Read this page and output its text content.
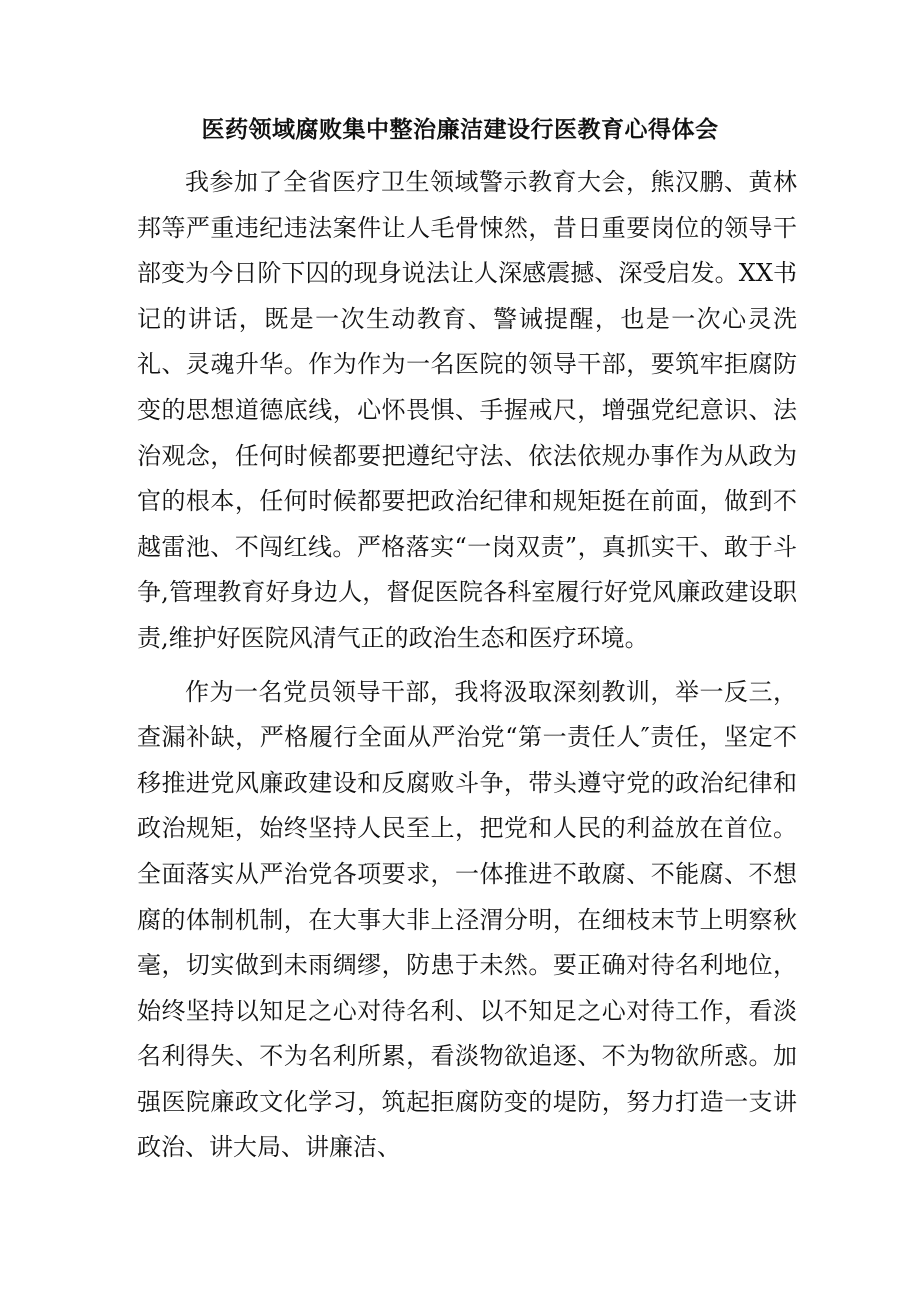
医药领域腐败集中整治廉洁建设行医教育心得体会

我参加了全省医疗卫生领域警示教育大会，熊汉鹏、黄林邦等严重违纪违法案件让人毛骨悚然，昔日重要岗位的领导干部变为今日阶下囚的现身说法让人深感震撼、深受启发。XX书记的讲话，既是一次生动教育、警诫提醒，也是一次心灵洗礼、灵魂升华。作为作为一名医院的领导干部，要筑牢拒腐防变的思想道德底线，心怀畏惧、手握戒尺，增强党纪意识、法治观念，任何时候都要把遵纪守法、依法依规办事作为从政为官的根本，任何时候都要把政治纪律和规矩挺在前面，做到不越雷池、不闯红线。严格落实“一岗双责”，真抓实干、敢于斗争,管理教育好身边人，督促医院各科室履行好党风廉政建设职责,维护好医院风清气正的政治生态和医疗环境。

作为一名党员领导干部，我将汲取深刻教训，举一反三，查漏补缺，严格履行全面从严治党“第一责任人″责任，坚定不移推进党风廉政建设和反腐败斗争，带头遵守党的政治纪律和政治规矩，始终坚持人民至上，把党和人民的利益放在首位。全面落实从严治党各项要求，一体推进不敢腐、不能腐、不想腐的体制机制，在大事大非上泾渭分明，在细枝末节上明察秋毫，切实做到未雨绸缪，防患于未然。要正确对待名利地位，始终坚持以知足之心对待名利、以不知足之心对待工作，看淡名利得失、不为名利所累，看淡物欲追逐、不为物欲所惑。加强医院廉政文化学习，筑起拒腐防变的堤防，努力打造一支讲政治、讲大局、讲廉洁、
